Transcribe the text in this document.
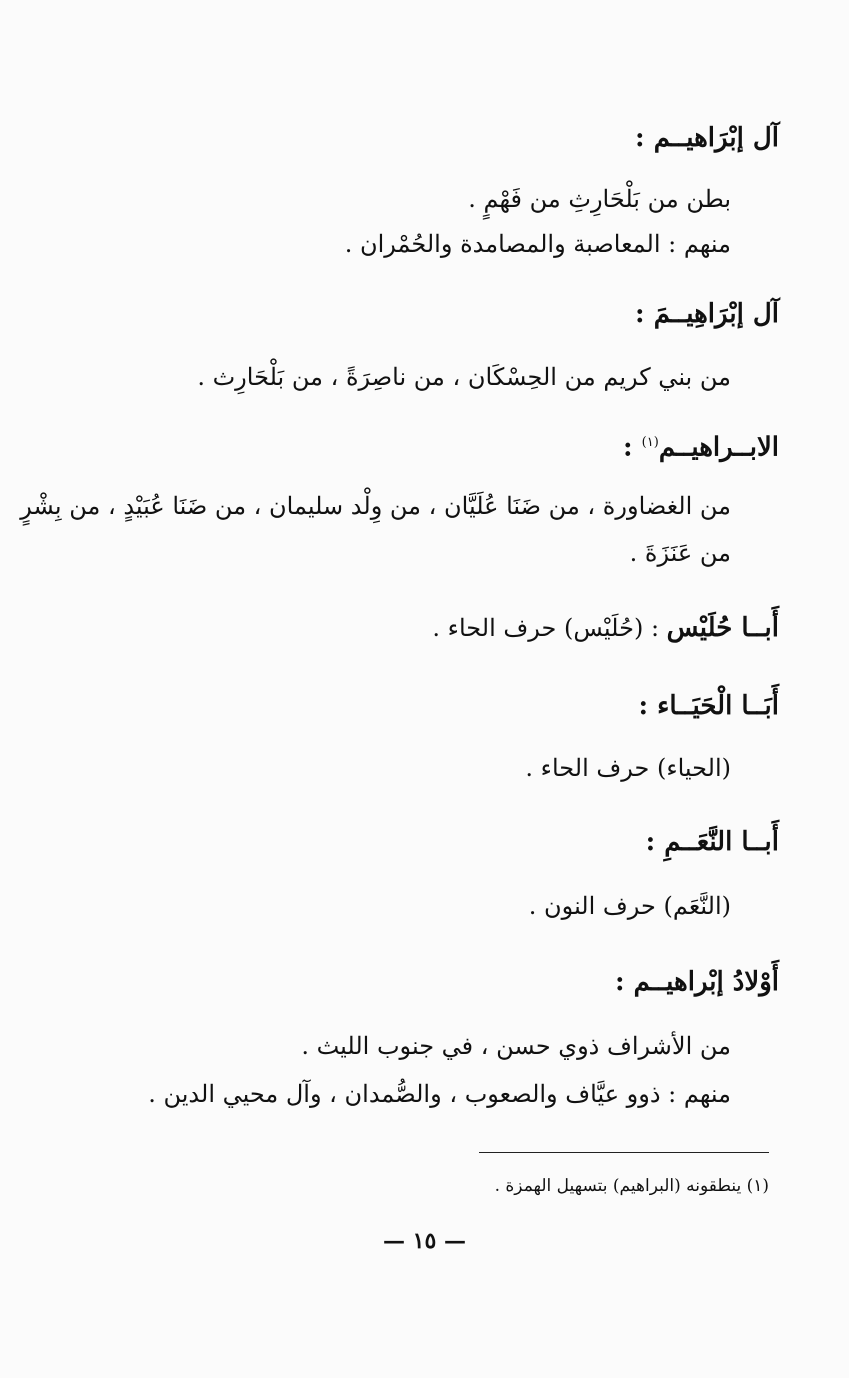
آل إبْرَاهيــم :
بطن من بَلْحَارِثِ من فَهْمٍ .
منهم : المعاصبة والمصامدة والحُمْران .
آل إبْرَاهِيــمَ :
من بني كريم من الحِسْكَان ، من ناصِرَةً ، من بَلْحَارِث .
الابــراهيــم$^{(١)}$ :
من الغضاورة ، من ضَنَا عُلَيَّان ، من وِلْد سليمان ، من ضَنَا عُبَيْدٍ ، من بِشْرٍ
من عَنَزَةَ .
أَبــا حُلَيْس : (حُلَيْس) حرف الحاء .
أَبَــا الْحَيَــاء :
(الحياء) حرف الحاء .
أَبــا النَّعَــمِ :
(النَّعَم) حرف النون .
أَوْلادُ إبْراهيــم :
من الأشراف ذوي حسن ، في جنوب الليث .
منهم : ذوو عيَّاف والصعوب ، والصُّمدان ، وآل محيي الدين .
(١) ينطقونه (البراهيم) بتسهيل الهمزة .
— ١٥ —
